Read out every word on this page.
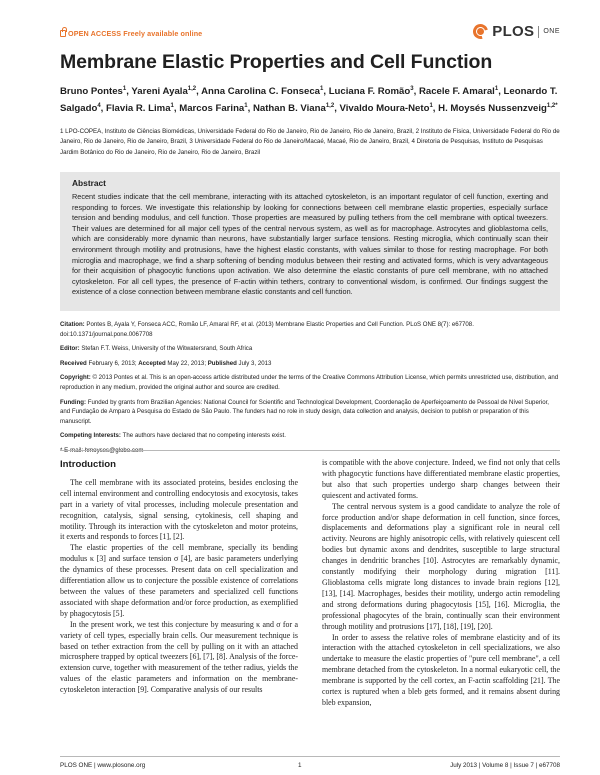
OPEN ACCESS Freely available online	PLOS ONE
Membrane Elastic Properties and Cell Function
Bruno Pontes$^1$, Yareni Ayala$^{1,2}$, Anna Carolina C. Fonseca$^1$, Luciana F. Romão$^3$, Racele F. Amaral$^1$, Leonardo T. Salgado$^4$, Flavia R. Lima$^1$, Marcos Farina$^1$, Nathan B. Viana$^{1,2}$, Vivaldo Moura-Neto$^1$, H. Moysés Nussenzveig$^{1,2*}$
1 LPO-COPEA, Instituto de Ciências Biomédicas, Universidade Federal do Rio de Janeiro, Rio de Janeiro, Rio de Janeiro, Brazil, 2 Instituto de Física, Universidade Federal do Rio de Janeiro, Rio de Janeiro, Rio de Janeiro, Brazil, 3 Universidade Federal do Rio de Janeiro/Macaé, Macaé, Rio de Janeiro, Brazil, 4 Diretoria de Pesquisas, Instituto de Pesquisas Jardim Botânico do Rio de Janeiro, Rio de Janeiro, Rio de Janeiro, Brazil
Abstract
Recent studies indicate that the cell membrane, interacting with its attached cytoskeleton, is an important regulator of cell function, exerting and responding to forces. We investigate this relationship by looking for connections between cell membrane elastic properties, especially surface tension and bending modulus, and cell function. Those properties are measured by pulling tethers from the cell membrane with optical tweezers. Their values are determined for all major cell types of the central nervous system, as well as for macrophage. Astrocytes and glioblastoma cells, which are considerably more dynamic than neurons, have substantially larger surface tensions. Resting microglia, which continually scan their environment through motility and protrusions, have the highest elastic constants, with values similar to those for resting macrophage. For both microglia and macrophage, we find a sharp softening of bending modulus between their resting and activated forms, which is very advantageous for their acquisition of phagocytic functions upon activation. We also determine the elastic constants of pure cell membrane, with no attached cytoskeleton. For all cell types, the presence of F-actin within tethers, contrary to conventional wisdom, is confirmed. Our findings suggest the existence of a close connection between membrane elastic constants and cell function.

Citation: Pontes B, Ayala Y, Fonseca ACC, Romão LF, Amaral RF, et al. (2013) Membrane Elastic Properties and Cell Function. PLoS ONE 8(7): e67708. doi:10.1371/journal.pone.0067708

Editor: Stefan F.T. Weiss, University of the Witwatersrand, South Africa

Received February 6, 2013; Accepted May 22, 2013; Published July 3, 2013

Copyright: © 2013 Pontes et al. This is an open-access article distributed under the terms of the Creative Commons Attribution License, which permits unrestricted use, distribution, and reproduction in any medium, provided the original author and source are credited.

Funding: Funded by grants from Brazilian Agencies: National Council for Scientific and Technological Development, Coordenação de Aperfeiçoamento de Pessoal de Nível Superior, and Fundação de Amparo à Pesquisa do Estado de São Paulo. The funders had no role in study design, data collection and analysis, decision to publish or preparation of this manuscript.

Competing Interests: The authors have declared that no competing interests exist.

Introduction

The cell membrane with its associated proteins, besides enclosing the cell internal environment and controlling endocytosis and exocytosis, takes part in a variety of vital processes, including molecule presentation and recognition, catalysis, signal sensing, cytokinesis, cell shaping and motility. Through its interaction with the cytoskeleton and motor proteins, it exerts and responds to forces [1], [2].

The elastic properties of the cell membrane, specially its bending modulus κ [3] and surface tension σ [4], are basic parameters underlying the dynamics of these processes. Present data on cell specialization and differentiation allow us to conjecture the possible existence of correlations between the values of these parameters and specialized cell functions associated with shape deformation and/or force production, as exemplified by phagocytosis [5].

In the present work, we test this conjecture by measuring κ and σ for a variety of cell types, especially brain cells. Our measurement technique is based on tether extraction from the cell by pulling on it with an attached microsphere trapped by optical tweezers [6], [7], [8]. Analysis of the force-extension curve, together with measurement of the tether radius, yields the values of the elastic parameters and information on the membrane-cytoskeleton interaction [9]. Comparative analysis of our results

is compatible with the above conjecture. Indeed, we find not only that cells with phagocytic functions have differentiated membrane elastic properties, but also that such properties undergo sharp changes between their quiescent and activated forms.

The central nervous system is a good candidate to analyze the role of force production and/or shape deformation in cell function, since forces, displacements and deformations play a significant role in neural cell activity. Neurons are highly anisotropic cells, with relatively quiescent cell bodies but dynamic axons and dendrites, susceptible to large structural changes in dendritic branches [10]. Astrocytes are remarkably dynamic, constantly modifying their morphology during migration [11]. Glioblastoma cells migrate long distances to invade brain regions [12], [13], [14]. Macrophages, besides their motility, undergo actin remodeling and strong deformations during phagocytosis [15], [16]. Microglia, the professional phagocytes of the brain, continually scan their environment through motility and protrusions [17], [18], [19], [20].

In order to assess the relative roles of membrane elasticity and of its interaction with the attached cytoskeleton in cell specializations, we also undertake to measure the elastic properties of "pure cell membrane", a cell membrane detached from the cytoskeleton. In a normal eukaryotic cell, the membrane is supported by the cell cortex, an F-actin scaffolding [21]. The cortex is ruptured when a bleb gets formed, and it remains absent during bleb expansion,

PLOS ONE | www.plosone.org	1	July 2013 | Volume 8 | Issue 7 | e67708
